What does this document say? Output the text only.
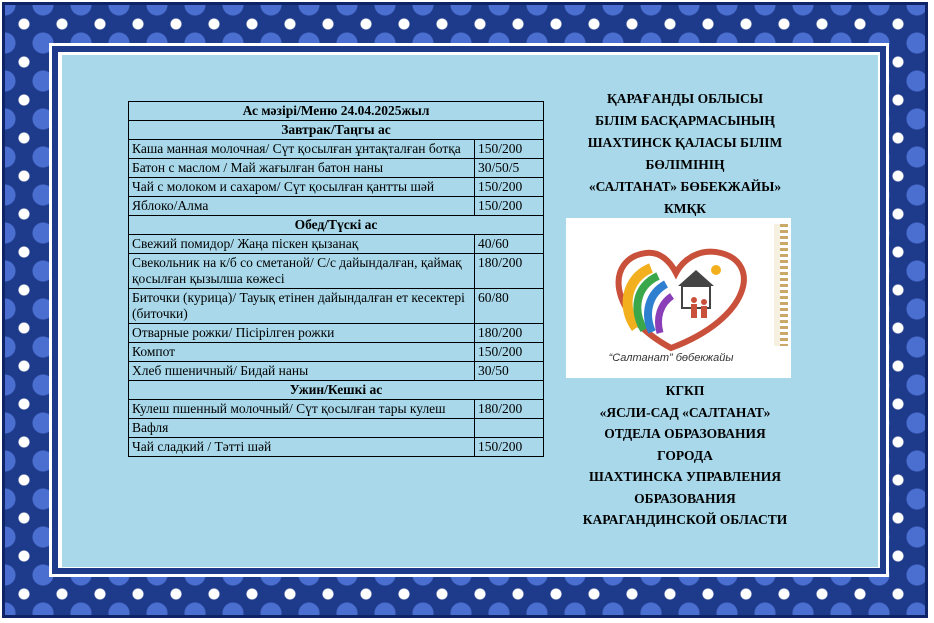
Ас мәзірі/Меню 24.04.2025жыл	
Завтрак/Таңгы ас	
Каша манная молочная/ Сүт қосылған ұнтақталған ботқа	150/200
Батон с маслом / Май жағылған батон наны	30/50/5
Чай с молоком и сахаром/ Сүт қосылған қантты шәй	150/200
Яблоко/Алма	150/200
Обед/Түскі ас	
Свежий помидор/ Жаңа піскен қызанақ	40/60
Свекольник на к/б со сметаной/ С/с дайындалған, қаймақ қосылған қызылша көжесі	180/200
Биточки (курица)/ Тауық етінен дайындалған ет кесектері (биточки)	60/80
Отварные рожки/ Пісірілген рожки	180/200
Компот	150/200
Хлеб пшеничный/ Бидай наны	30/50
Ужин/Кешкі ас	
Кулеш пшенный молочный/ Сүт қосылған тары кулеш	180/200
Вафля	
Чай сладкий / Тәтті шәй	150/200
ҚАРАҒАНДЫ ОБЛЫСЫ
БІЛІМ БАСҚАРМАСЫНЫҢ
ШАХТИНСК ҚАЛАСЫ БІЛІМ
БӨЛІМІНІҢ
«САЛТАНАТ» БӨБЕКЖАЙЫ»
КМҚК
“Салтанат” бөбекжайы
КГКП
«ЯСЛИ-САД «САЛТАНАТ»
ОТДЕЛА ОБРАЗОВАНИЯ
ГОРОДА
ШАХТИНСКА УПРАВЛЕНИЯ
ОБРАЗОВАНИЯ
КАРАГАНДИНСКОЙ ОБЛАСТИ
